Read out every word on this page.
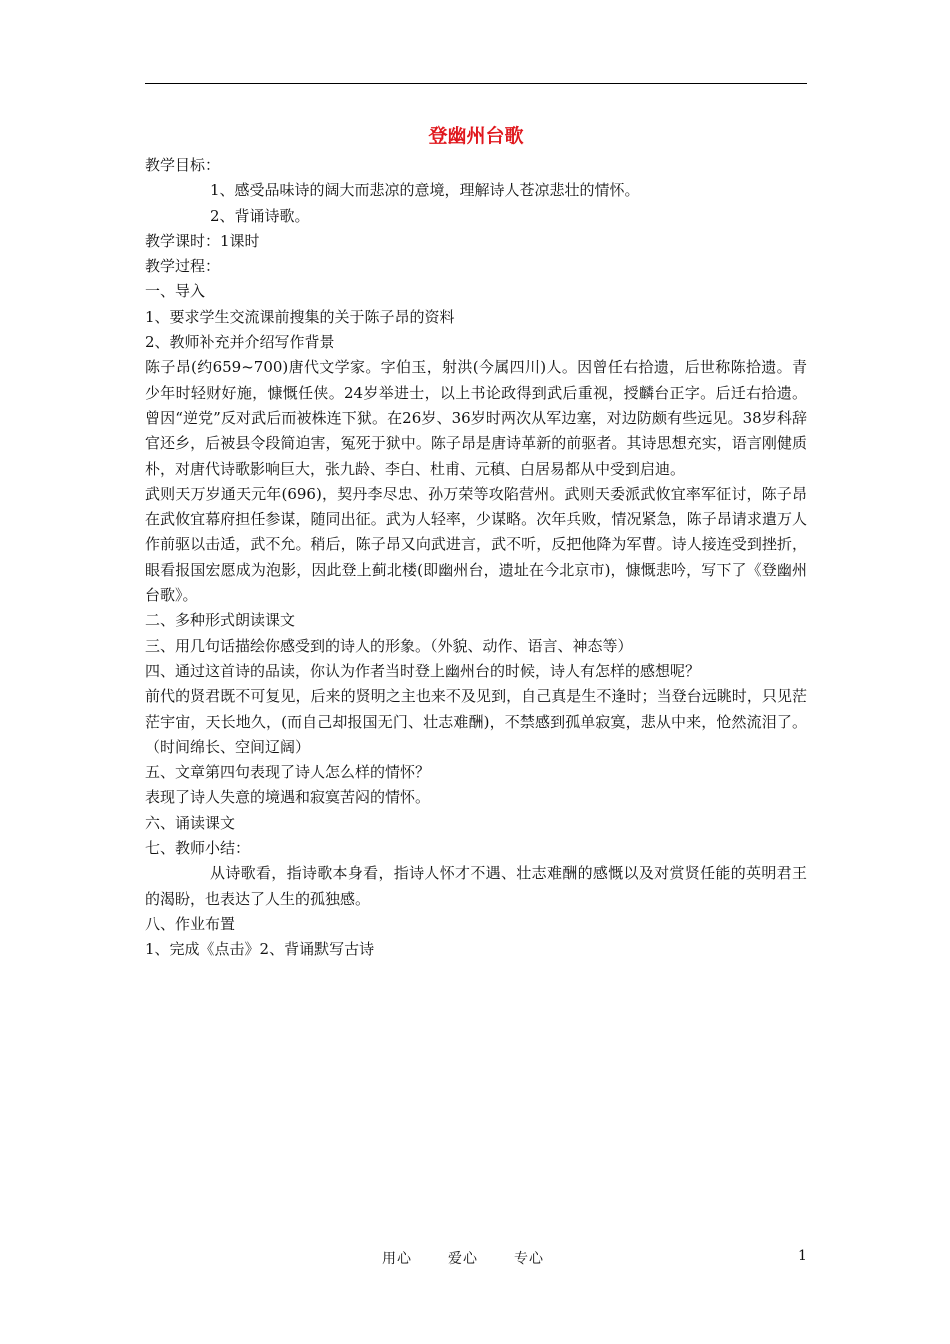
登幽州台歌
教学目标：
1、感受品味诗的阔大而悲凉的意境，理解诗人苍凉悲壮的情怀。
2、背诵诗歌。
教学课时：1课时
教学过程：
一、导入
1、要求学生交流课前搜集的关于陈子昂的资料
2、教师补充并介绍写作背景
陈子昂(约659~700)唐代文学家。字伯玉，射洪(今属四川)人。因曾任右拾遗，后世称陈拾遗。青少年时轻财好施，慷慨任侠。24岁举进士，以上书论政得到武后重视，授麟台正字。后迁右拾遗。曾因“逆党”反对武后而被株连下狱。在26岁、36岁时两次从军边塞，对边防颇有些远见。38岁科辞官还乡，后被县令段简迫害，冤死于狱中。陈子昂是唐诗革新的前驱者。其诗思想充实，语言刚健质朴，对唐代诗歌影响巨大，张九龄、李白、杜甫、元稹、白居易都从中受到启迪。
武则天万岁通天元年(696)，契丹李尽忠、孙万荣等攻陷营州。武则天委派武攸宜率军征讨，陈子昂在武攸宜幕府担任参谋，随同出征。武为人轻率，少谋略。次年兵败，情况紧急，陈子昂请求遣万人作前驱以击适，武不允。稍后，陈子昂又向武进言，武不听，反把他降为军曹。诗人接连受到挫折，眼看报国宏愿成为泡影，因此登上蓟北楼(即幽州台，遗址在今北京市)，慷慨悲吟，写下了《登幽州台歌》。
二、多种形式朗读课文
三、用几句话描绘你感受到的诗人的形象。（外貌、动作、语言、神态等）
四、通过这首诗的品读，你认为作者当时登上幽州台的时候，诗人有怎样的感想呢？
前代的贤君既不可复见，后来的贤明之主也来不及见到，自己真是生不逢时；当登台远眺时，只见茫茫宇宙，天长地久，(而自己却报国无门、壮志难酬)，不禁感到孤单寂寞，悲从中来，怆然流泪了。（时间绵长、空间辽阔）
五、文章第四句表现了诗人怎么样的情怀？
表现了诗人失意的境遇和寂寞苦闷的情怀。
六、诵读课文
七、教师小结：
从诗歌看，指诗歌本身看，指诗人怀才不遇、壮志难酬的感慨以及对赏贤任能的英明君王的渴盼，也表达了人生的孤独感。
八、作业布置
1、完成《点击》2、背诵默写古诗
用心	爱心	专心	1
